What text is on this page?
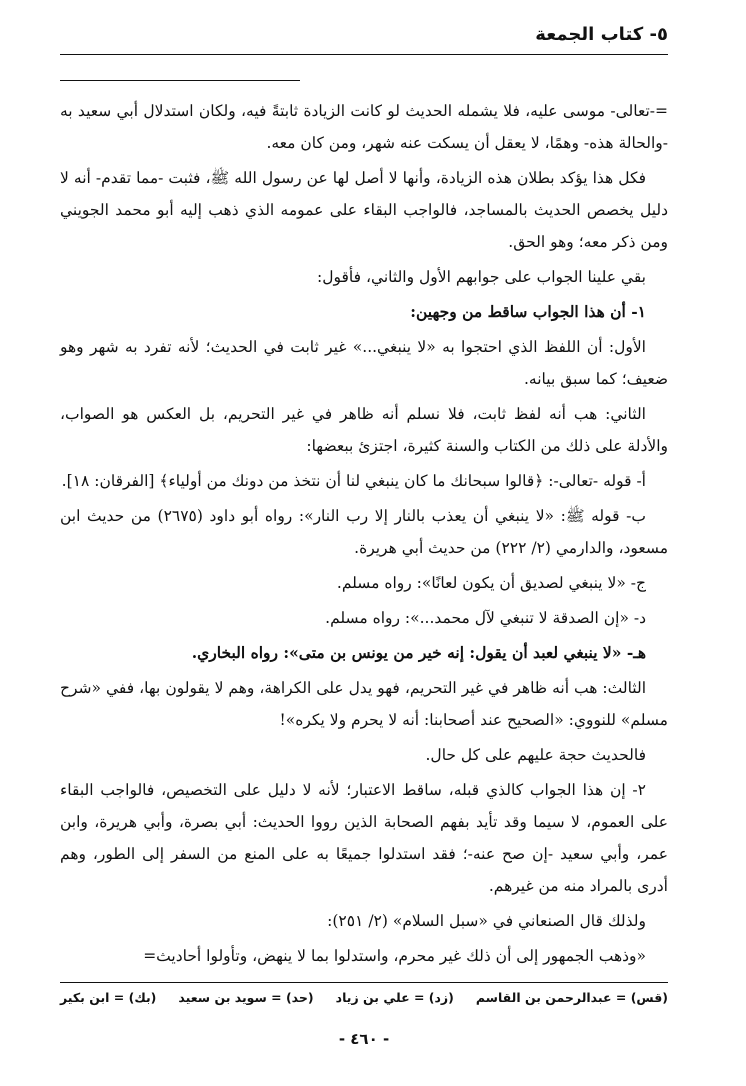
٥- كتاب الجمعة

=-تعالى- موسى عليه، فلا يشمله الحديث لو كانت الزيادة ثابتةً فيه، ولكان استدلال أبي سعيد به -والحالة هذه- وهمًا، لا يعقل أن يسكت عنه شهر، ومن كان معه.

فكل هذا يؤكد بطلان هذه الزيادة، وأنها لا أصل لها عن رسول الله ﷺ، فثبت -مما تقدم- أنه لا دليل يخصص الحديث بالمساجد، فالواجب البقاء على عمومه الذي ذهب إليه أبو محمد الجويني ومن ذكر معه؛ وهو الحق.

بقي علينا الجواب على جوابهم الأول والثاني، فأقول:

١- أن هذا الجواب ساقط من وجهين:

الأول: أن اللفظ الذي احتجوا به «لا ينبغي...» غير ثابت في الحديث؛ لأنه تفرد به شهر وهو ضعيف؛ كما سبق بيانه.

الثاني: هب أنه لفظ ثابت، فلا نسلم أنه ظاهر في غير التحريم، بل العكس هو الصواب، والأدلة على ذلك من الكتاب والسنة كثيرة، اجتزئ ببعضها:

أ- قوله -تعالى-: ﴿قالوا سبحانك ما كان ينبغي لنا أن نتخذ من دونك من أولياء﴾ [الفرقان: ١٨].

ب- قوله ﷺ: «لا ينبغي أن يعذب بالنار إلا رب النار»: رواه أبو داود (٢٦٧٥) من حديث ابن مسعود، والدارمي (٢/ ٢٢٢) من حديث أبي هريرة.

ج- «لا ينبغي لصديق أن يكون لعانًا»: رواه مسلم.

د- «إن الصدقة لا تنبغي لآل محمد...»: رواه مسلم.

هـ- «لا ينبغي لعبد أن يقول: إنه خير من يونس بن متى»: رواه البخاري.

الثالث: هب أنه ظاهر في غير التحريم، فهو يدل على الكراهة، وهم لا يقولون بها، ففي «شرح مسلم» للنووي: «الصحيح عند أصحابنا: أنه لا يحرم ولا يكره»!

فالحديث حجة عليهم على كل حال.

٢- إن هذا الجواب كالذي قبله، ساقط الاعتبار؛ لأنه لا دليل على التخصيص، فالواجب البقاء على العموم، لا سيما وقد تأيد بفهم الصحابة الذين رووا الحديث: أبي بصرة، وأبي هريرة، وابن عمر، وأبي سعيد -إن صح عنه-؛ فقد استدلوا جميعًا به على المنع من السفر إلى الطور، وهم أدرى بالمراد منه من غيرهم.

ولذلك قال الصنعاني في «سبل السلام» (٢/ ٢٥١):

«وذهب الجمهور إلى أن ذلك غير محرم، واستدلوا بما لا ينهض، وتأولوا أحاديث=

(قس) = عبدالرحمن بن القاسم
(زد) = علي بن زياد
(حد) = سويد بن سعيد
(بك) = ابن بكير
- ٤٦٠ -
